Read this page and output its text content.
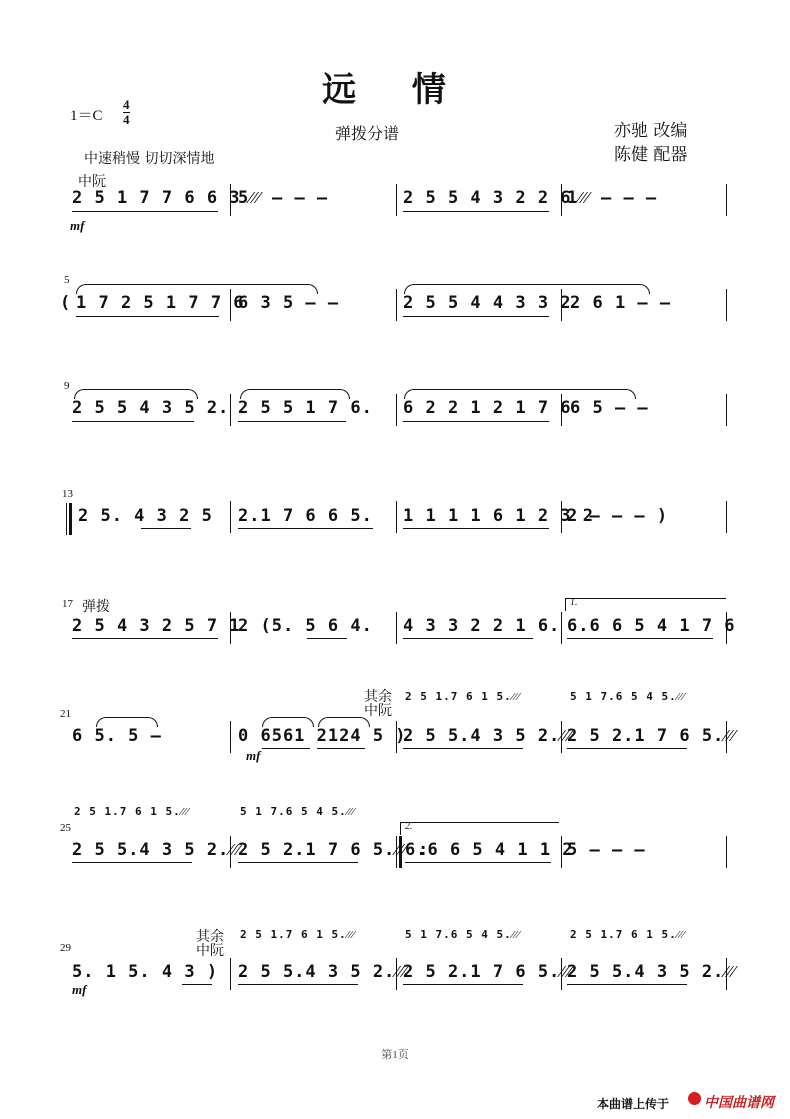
远 情
1＝C
4
4
弹拨分谱	亦驰 改编
陈健 配器
中速稍慢 切切深情地
中阮
mf
2 5 1 7 7 6 6 3
5⁄⁄⁄ – – –	2 5 5 4 3 2 2 6
1⁄⁄⁄ – – –
5
( 1 7 2 5 1 7 7 6
6 3 5 – –	2 5 5 4 4 3 3 2
2 6 1 – –
9
2 5 5 4 3 5 2. 2 5 5 1 7 6. 6 2 2 1 2 1 7 6
6 5 – –
13
2 5. 4 3 2 5 2.1 7 6 6 5. 1 1 1 1 6 1 2 3 2
2 – – – )
17 弹拨	1.
2 5 4 3 2 5 7 1
2 (5. 5 6 4. 4 3 3 2 2 1 6. 6.6 6 5 4 1 7 6
21
其余
中阮
2 5 1.7 6 1 5.⁄⁄⁄	5 1 7.6 5 4 5.⁄⁄⁄
mf
6 5. 5 –	0 6561 2124 5 )
2 5 5.4 3 5 2.⁄⁄⁄
2 5 2.1 7 6 5.⁄⁄⁄
25
2 5 1.7 6 1 5.⁄⁄⁄	5 1 7.6 5 4 5.⁄⁄⁄
2.
2 5 5.4 3 5 2.⁄⁄⁄
2 5 2.1 7 6 5.⁄⁄⁄ :
6.6 6 5 4 1 1 2
5 – – –
29
其余
中阮
2 5 1.7 6 1 5.⁄⁄⁄	5 1 7.6 5 4 5.⁄⁄⁄	2 5 1.7 6 1 5.⁄⁄⁄
mf
5. 1 5. 4 3 ) 2 5 5.4 3 5 2.⁄⁄⁄
2 5 2.1 7 6 5.⁄⁄⁄
2 5 5.4 3 5 2.⁄⁄⁄
第1页
本曲谱上传于 中国曲谱网
